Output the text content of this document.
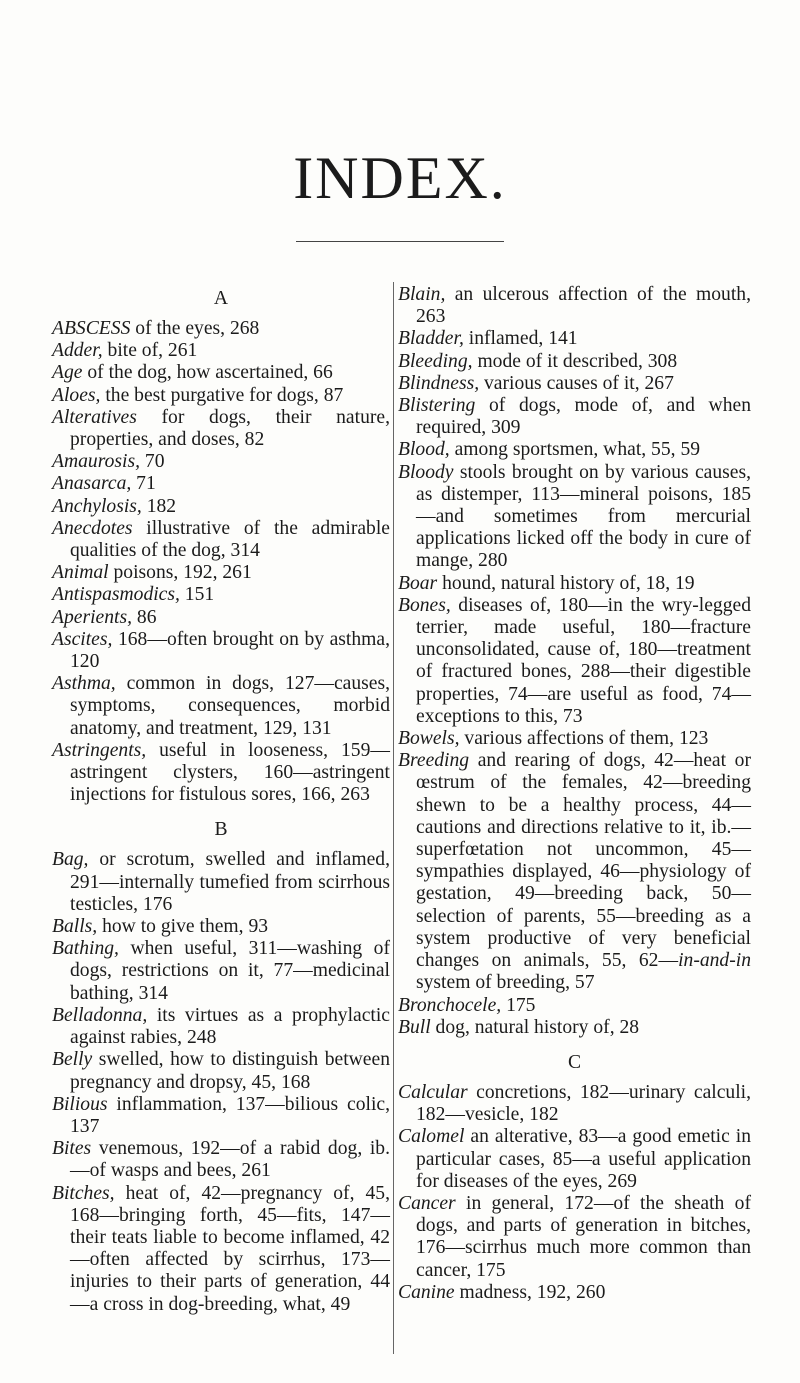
INDEX.
A

ABSCESS of the eyes, 268

Adder, bite of, 261

Age of the dog, how ascertained, 66

Aloes, the best purgative for dogs, 87

Alteratives for dogs, their nature, properties, and doses, 82

Amaurosis, 70

Anasarca, 71

Anchylosis, 182

Anecdotes illustrative of the admirable qualities of the dog, 314

Animal poisons, 192, 261

Antispasmodics, 151

Aperients, 86

Ascites, 168—often brought on by asthma, 120

Asthma, common in dogs, 127—causes, symptoms, consequences, morbid anatomy, and treatment, 129, 131

Astringents, useful in looseness, 159—astringent clysters, 160—astringent injections for fistulous sores, 166, 263

B

Bag, or scrotum, swelled and inflamed, 291—internally tumefied from scirrhous testicles, 176

Balls, how to give them, 93

Bathing, when useful, 311—washing of dogs, restrictions on it, 77—medicinal bathing, 314

Belladonna, its virtues as a prophylactic against rabies, 248

Belly swelled, how to distinguish between pregnancy and dropsy, 45, 168

Bilious inflammation, 137—bilious colic, 137

Bites venemous, 192—of a rabid dog, ib.—of wasps and bees, 261

Bitches, heat of, 42—pregnancy of, 45, 168—bringing forth, 45—fits, 147—their teats liable to become inflamed, 42—often affected by scirrhus, 173—injuries to their parts of generation, 44—a cross in dog-breeding, what, 49

Blain, an ulcerous affection of the mouth, 263

Bladder, inflamed, 141

Bleeding, mode of it described, 308

Blindness, various causes of it, 267

Blistering of dogs, mode of, and when required, 309

Blood, among sportsmen, what, 55, 59

Bloody stools brought on by various causes, as distemper, 113—mineral poisons, 185—and sometimes from mercurial applications licked off the body in cure of mange, 280

Boar hound, natural history of, 18, 19

Bones, diseases of, 180—in the wry-legged terrier, made useful, 180—fracture unconsolidated, cause of, 180—treatment of fractured bones, 288—their digestible properties, 74—are useful as food, 74—exceptions to this, 73

Bowels, various affections of them, 123

Breeding and rearing of dogs, 42—heat or œstrum of the females, 42—breeding shewn to be a healthy process, 44—cautions and directions relative to it, ib.—superfœtation not uncommon, 45—sympathies displayed, 46—physiology of gestation, 49—breeding back, 50—selection of parents, 55—breeding as a system productive of very beneficial changes on animals, 55, 62—in-and-in system of breeding, 57

Bronchocele, 175

Bull dog, natural history of, 28

C

Calcular concretions, 182—urinary calculi, 182—vesicle, 182

Calomel an alterative, 83—a good emetic in particular cases, 85—a useful application for diseases of the eyes, 269

Cancer in general, 172—of the sheath of dogs, and parts of generation in bitches, 176—scirrhus much more common than cancer, 175

Canine madness, 192, 260
